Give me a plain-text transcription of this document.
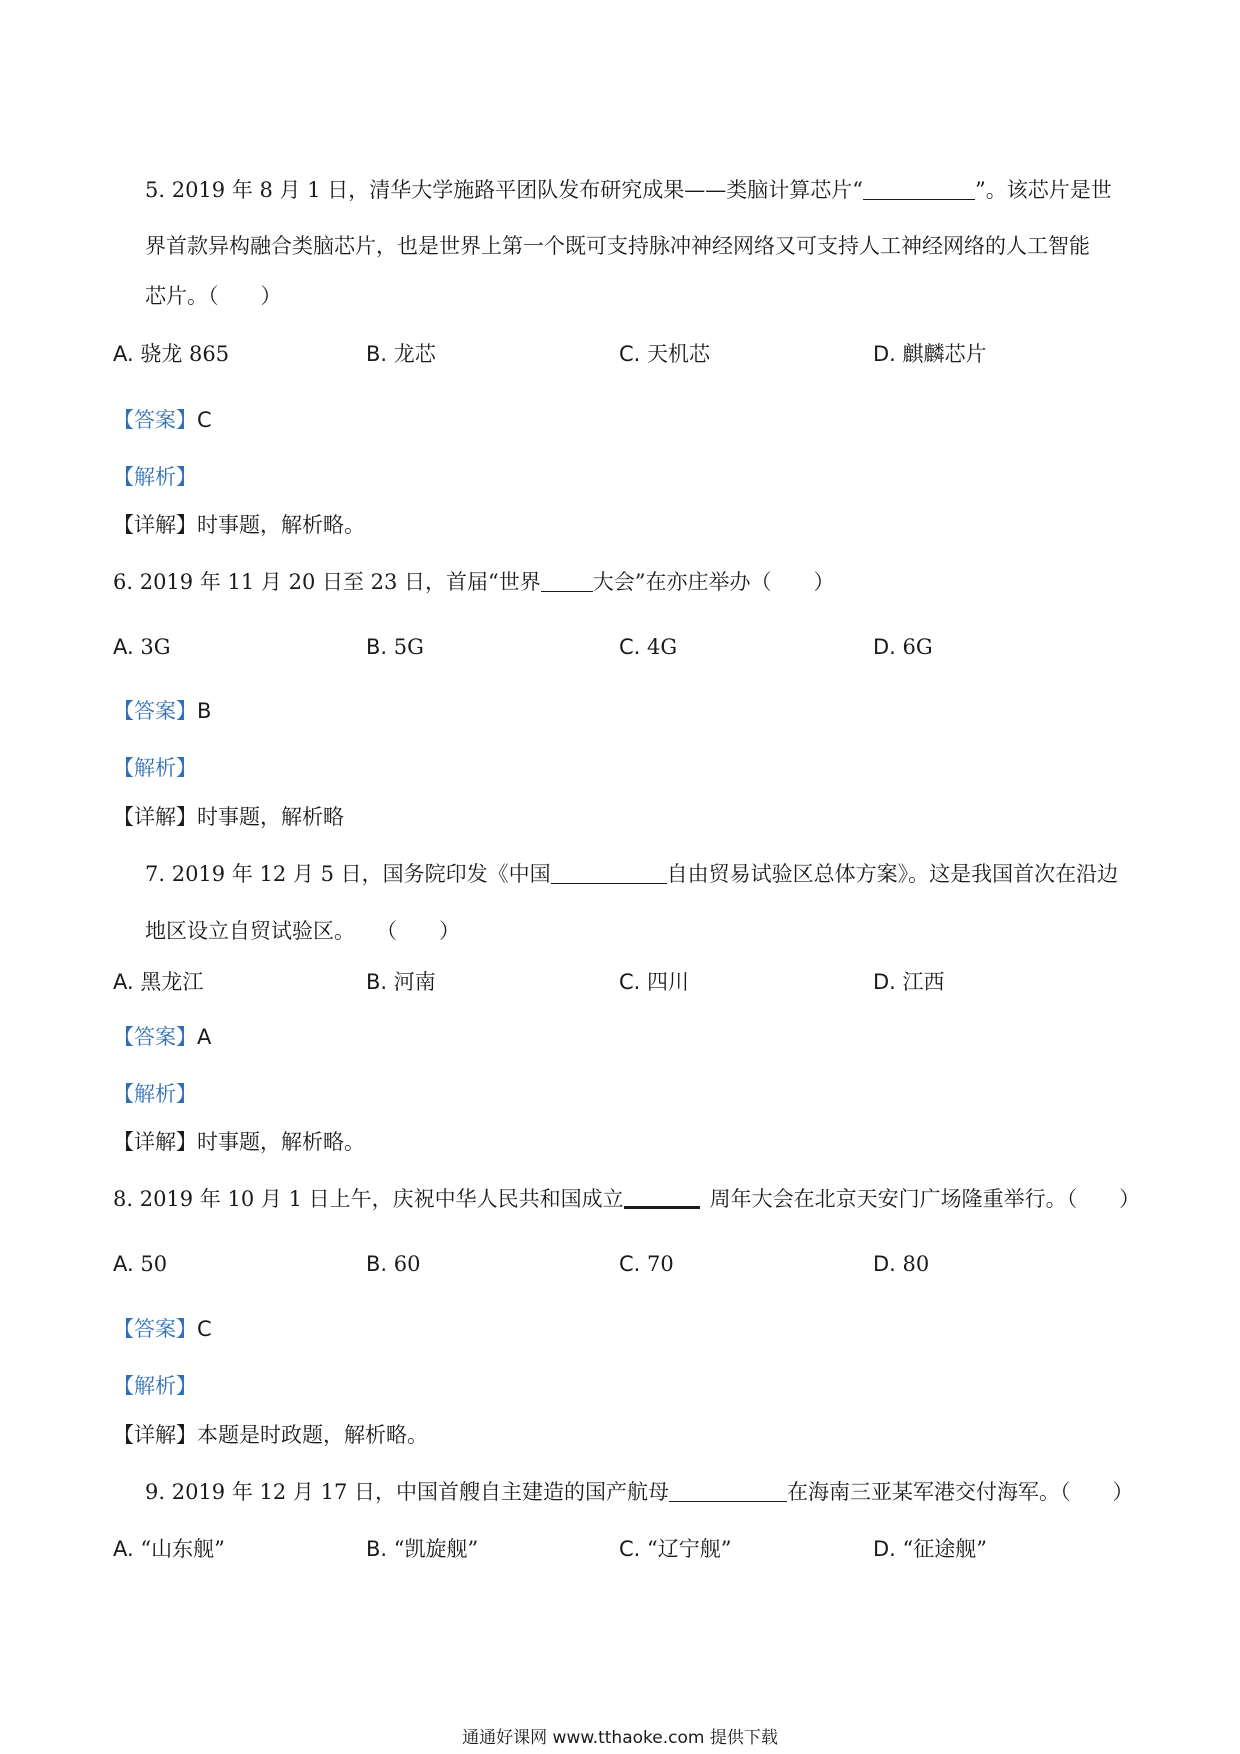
5. 2019 年 8 月 1 日，清华大学施路平团队发布研究成果——类脑计算芯片“	”。该芯片是世
界首款异构融合类脑芯片，也是世界上第一个既可支持脉冲神经网络又可支持人工神经网络的人工智能
芯片。（　　）
A. 骁龙 865	B. 龙芯	C. 天机芯	D. 麒麟芯片
【答案】C
【解析】
【详解】时事题，解析略。
6. 2019 年 11 月 20 日至 23 日，首届“世界 大会”在亦庄举办（　　）
A. 3G	B. 5G	C. 4G	D. 6G
【答案】B
【解析】
【详解】时事题，解析略
7. 2019 年 12 月 5 日，国务院印发《中国	自由贸易试验区总体方案》。这是我国首次在沿边
地区设立自贸试验区。　　（　　）
A. 黑龙江	B. 河南	C. 四川	D. 江西
【答案】A
【解析】
【详解】时事题，解析略。
8. 2019 年 10 月 1 日上午，庆祝中华人民共和国成立	周年大会在北京天安门广场隆重举行。（　　）
A. 50	B. 60	C. 70	D. 80
【答案】C
【解析】
【详解】本题是时政题，解析略。
9. 2019 年 12 月 17 日，中国首艘自主建造的国产航母	在海南三亚某军港交付海军。（　　）
A. “山东舰”	B. “凯旋舰”	C. “辽宁舰”	D. “征途舰”
通通好课网 www.tthaoke.com 提供下载
